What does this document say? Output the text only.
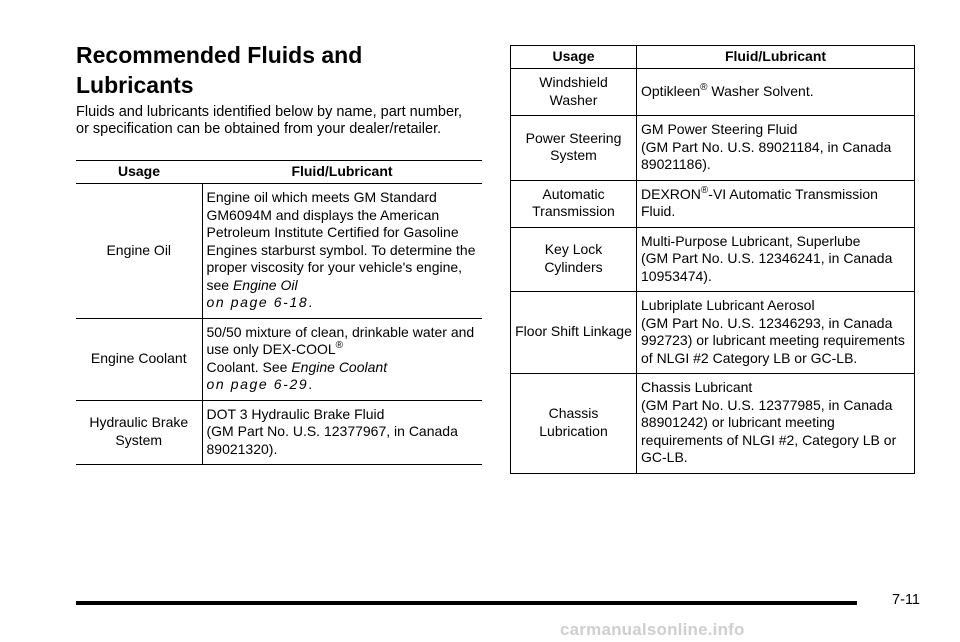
Recommended Fluids and Lubricants

Fluids and lubricants identified below by name, part number, or specification can be obtained from your dealer/retailer.

Usage	Fluid/Lubricant
Engine Oil	Engine oil which meets GM Standard GM6094M and displays the American Petroleum Institute Certified for Gasoline Engines starburst symbol. To determine the proper viscosity for your vehicle's engine, see Engine Oil
on page 6-18.
Engine Coolant	50/50 mixture of clean, drinkable water and use only DEX-COOL®
Coolant. See Engine Coolant
on page 6-29.
Hydraulic Brake System	DOT 3 Hydraulic Brake Fluid
(GM Part No. U.S. 12377967, in Canada 89021320).
Usage	Fluid/Lubricant
Windshield Washer	Optikleen® Washer Solvent.
Power Steering System	GM Power Steering Fluid
(GM Part No. U.S. 89021184, in Canada 89021186).
Automatic Transmission	DEXRON®-VI Automatic Transmission Fluid.
Key Lock Cylinders	Multi-Purpose Lubricant, Superlube
(GM Part No. U.S. 12346241, in Canada 10953474).
Floor Shift Linkage	Lubriplate Lubricant Aerosol
(GM Part No. U.S. 12346293, in Canada 992723) or lubricant meeting requirements of NLGI #2 Category LB or GC-LB.
Chassis Lubrication	Chassis Lubricant
(GM Part No. U.S. 12377985, in Canada 88901242) or lubricant meeting requirements of NLGI #2, Category LB or GC-LB.
7-11
carmanualsonline.info
